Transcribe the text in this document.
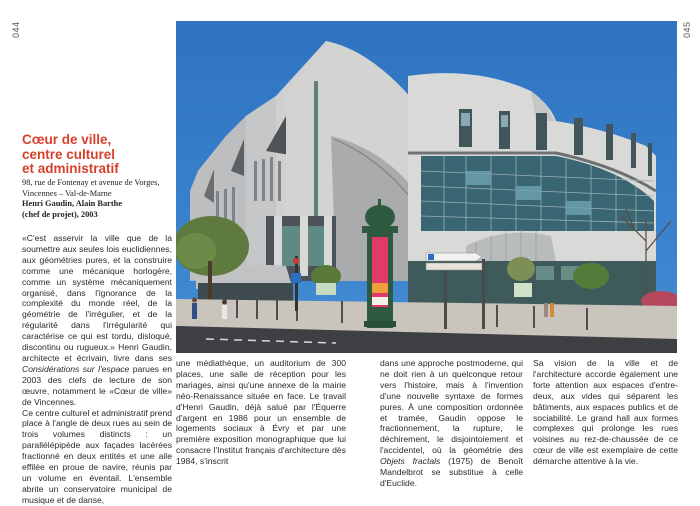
044	045
Cœur de ville,
centre culturel
et administratif
98, rue de Fontenay et avenue de Vorges,
Vincennes – Val-de-Marne
Henri Gaudin, Alain Barthe
(chef de projet), 2003

«C'est asservir la ville que de la soumettre aux seules lois euclidiennes, aux géométries pures, et la construire comme une mécanique horlogère, comme un système mécaniquement organisé, dans l'ignorance de la complexité du monde réel, de la géométrie de l'irrégulier, et de la régularité dans l'irrégularité qui caractérise ce qui est tordu, disloqué, discontinu ou rugueux.» Henri Gaudin, architecte et écrivain, livre dans ses Considérations sur l'espace parues en 2003 des clefs de lecture de son œuvre, notamment le «Cœur de ville» de Vincennes.

Ce centre culturel et administratif prend place à l'angle de deux rues au sein de trois volumes distincts : un parallélépipède aux façades lacérées fractionné en deux entités et une aile effilée en proue de navire, réunis par un volume en éventail. L'ensemble abrite un conservatoire municipal de musique et de danse,

une médiathèque, un auditorium de 300 places, une salle de réception pour les mariages, ainsi qu'une annexe de la mairie néo-Renaissance située en face. Le travail d'Henri Gaudin, déjà salué par l'Équerre d'argent en 1986 pour un ensemble de logements sociaux à Évry et par une première exposition monographique que lui consacre l'Institut français d'architecture dès 1984, s'inscrit

dans une approche postmoderne, qui ne doit rien à un quelconque retour vers l'histoire, mais à l'invention d'une nouvelle syntaxe de formes pures. À une composition ordonnée et tramée, Gaudin oppose le fractionnement, la rupture, le déchirement, le disjointoiement et l'accidentel, où la géométrie des Objets fractals (1975) de Benoît Mandelbrot se substitue à celle d'Euclide.

Sa vision de la ville et de l'architecture accorde également une forte attention aux espaces d'entre-deux, aux vides qui séparent les bâtiments, aux espaces publics et de sociabilité. Le grand hall aux formes complexes qui prolonge les rues voisines au rez-de-chaussée de ce cœur de ville est exemplaire de cette démarche attentive à la vie.
